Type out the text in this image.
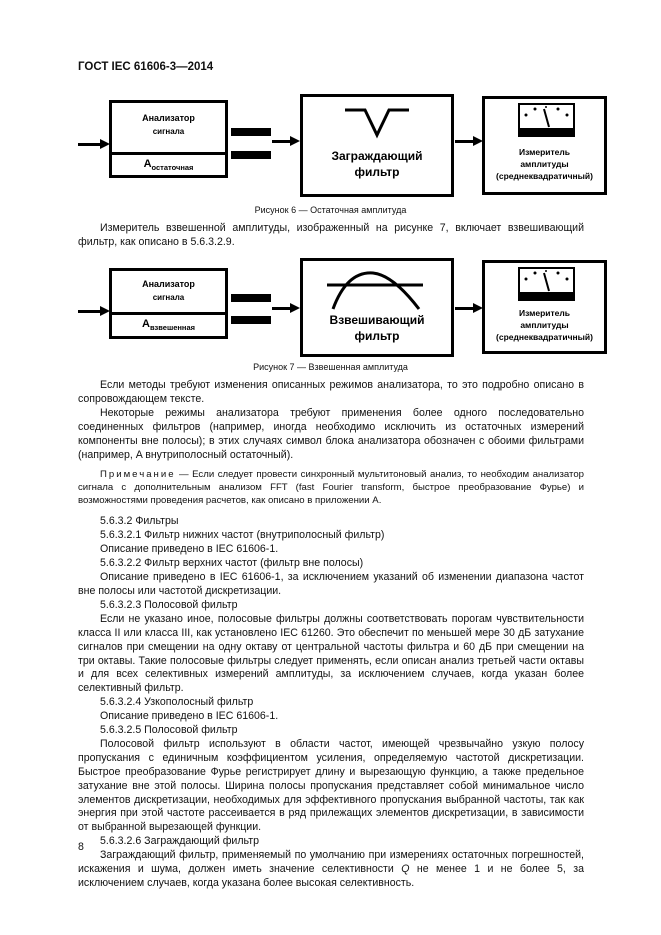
ГОСТ IEC 61606-3—2014
Анализатор
сигнала
$A_{остаточная}$
Заграждающий
фильтр
Измеритель
амплитуды
(среднеквадратичный)
Рисунок 6 — Остаточная амплитуда

Измеритель взвешенной амплитуды, изображенный на рисунке 7, включает взвешивающий фильтр, как описано в 5.6.3.2.9.

Анализатор
сигнала
$A_{взвешенная}$
Взвешивающий
фильтр
Измеритель
амплитуды
(среднеквадратичный)
Рисунок 7 — Взвешенная амплитуда

Если методы требуют изменения описанных режимов анализатора, то это подробно описано в сопровождающем тексте.

Некоторые режимы анализатора требуют применения более одного последовательно соединенных фильтров (например, иногда необходимо исключить из остаточных измерений компоненты вне полосы); в этих случаях символ блока анализатора обозначен с обоими фильтрами (например, A внутриполосный остаточный).

Примечание — Если следует провести синхронный мультитоновый анализ, то необходим анализатор сигнала с дополнительным анализом FFT (fast Fourier transform, быстрое преобразование Фурье) и возможностями проведения расчетов, как описано в приложении А.

5.6.3.2 Фильтры

5.6.3.2.1 Фильтр нижних частот (внутриполосный фильтр)

Описание приведено в IEC 61606-1.

5.6.3.2.2 Фильтр верхних частот (фильтр вне полосы)

Описание приведено в IEC 61606-1, за исключением указаний об изменении диапазона частот вне полосы или частотой дискретизации.

5.6.3.2.3 Полосовой фильтр

Если не указано иное, полосовые фильтры должны соответствовать порогам чувствительности класса II или класса III, как установлено IEC 61260. Это обеспечит по меньшей мере 30 дБ затухание сигналов при смещении на одну октаву от центральной частоты фильтра и 60 дБ при смещении на три октавы. Такие полосовые фильтры следует применять, если описан анализ третьей части октавы и для всех селективных измерений амплитуды, за исключением случаев, когда указан более селективный фильтр.

5.6.3.2.4 Узкополосный фильтр

Описание приведено в IEC 61606-1.

5.6.3.2.5 Полосовой фильтр

Полосовой фильтр используют в области частот, имеющей чрезвычайно узкую полосу пропускания с единичным коэффициентом усиления, определяемую частотой дискретизации. Быстрое преобразование Фурье регистрирует длину и вырезающую функцию, а также предельное затухание вне этой полосы. Ширина полосы пропускания представляет собой минимальное число элементов дискретизации, необходимых для эффективного пропускания выбранной частоты, так как энергия при этой частоте рассеивается в ряд прилежащих элементов дискретизации, в зависимости от выбранной вырезающей функции.

5.6.3.2.6 Заграждающий фильтр

Заграждающий фильтр, применяемый по умолчанию при измерениях остаточных погрешностей, искажения и шума, должен иметь значение селективности Q не менее 1 и не более 5, за исключением случаев, когда указана более высокая селективность.

8
